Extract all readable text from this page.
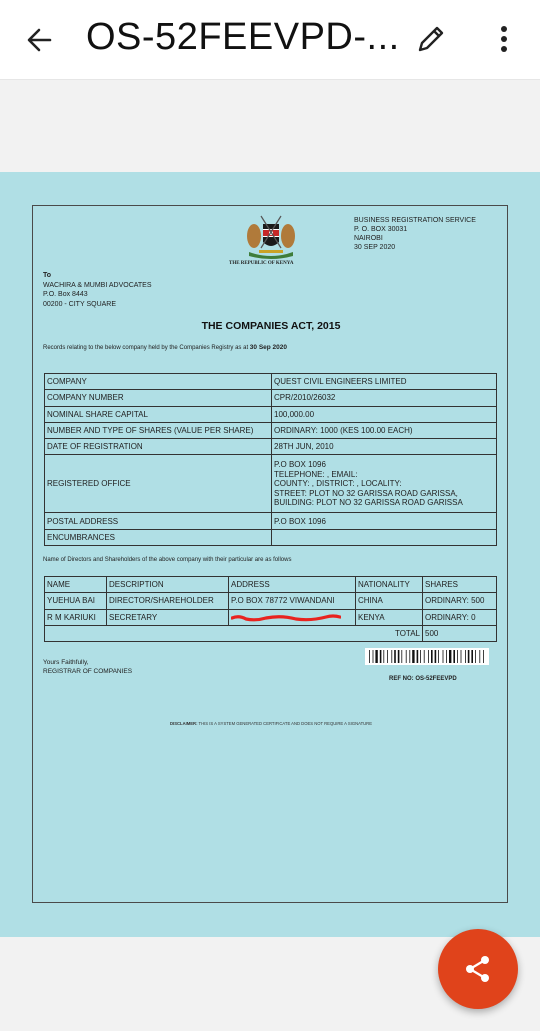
OS-52FEEVPD-...
THE REPUBLIC OF KENYA
BUSINESS REGISTRATION SERVICE
P. O. BOX 30031
NAIROBI
30 SEP 2020
To
WACHIRA & MUMBI ADVOCATES
P.O. Box 8443
00200 - CITY SQUARE
THE COMPANIES ACT, 2015
Records relating to the below company held by the Companies Registry as at 30 Sep 2020
COMPANY	QUEST CIVIL ENGINEERS LIMITED
COMPANY NUMBER	CPR/2010/26032
NOMINAL SHARE CAPITAL	100,000.00
NUMBER AND TYPE OF SHARES (VALUE PER SHARE)	ORDINARY: 1000 (KES 100.00 EACH)
DATE OF REGISTRATION	28TH JUN, 2010
REGISTERED OFFICE	P.O BOX 1096
TELEPHONE: , EMAIL:
COUNTY: , DISTRICT: , LOCALITY:
STREET: PLOT NO 32 GARISSA ROAD GARISSA,
BUILDING: PLOT NO 32 GARISSA ROAD GARISSA

POSTAL ADDRESS	P.O BOX 1096
ENCUMBRANCES	
Name of Directors and Shareholders of the above company with their particular are as follows
NAME	DESCRIPTION	ADDRESS	NATIONALITY	SHARES
YUEHUA BAI	DIRECTOR/SHAREHOLDER	P.O BOX 78772 VIWANDANI	CHINA	ORDINARY: 500
R M KARIUKI	SECRETARY		KENYA	ORDINARY: 0
TOTAL				500
Yours Faithfully,
REGISTRAR OF COMPANIES
REF NO: OS-52FEEVPD
DISCLAIMER: THIS IS A SYSTEM GENERATED CERTIFICATE AND DOES NOT REQUIRE A SIGNATURE
